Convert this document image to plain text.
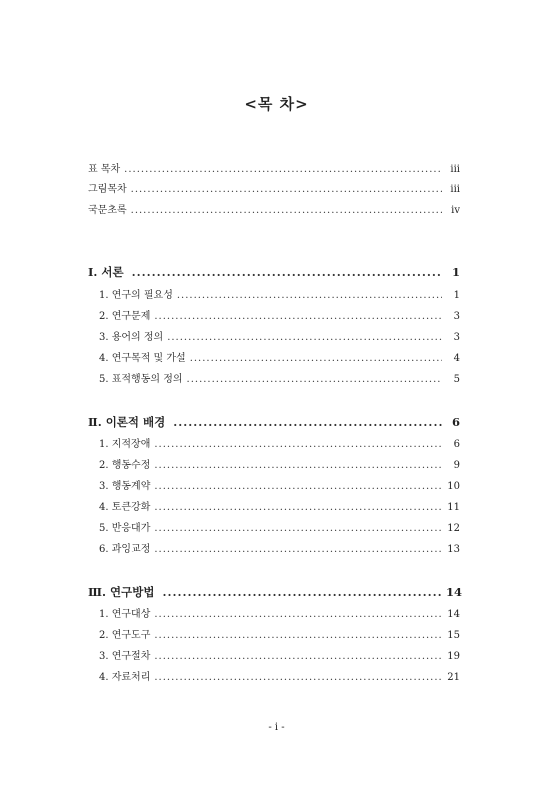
<목 차>
표 목차 .....	iii
그림목차 .....	iii
국문초록 .....	iv
Ⅰ. 서론 .....	1
1. 연구의 필요성 .....	1
2. 연구문제 .....	3
3. 용어의 정의 .....	3
4. 연구목적 및 가설 .....	4
5. 표적행동의 정의 .....	5
Ⅱ. 이론적 배경 .....	6
1. 지적장애 .....	6
2. 행동수정 .....	9
3. 행동계약 .....	10
4. 토큰강화 .....	11
5. 반응대가 .....	12
6. 과잉교정 .....	13
Ⅲ. 연구방법 .....	14
1. 연구대상 .....	14
2. 연구도구 .....	15
3. 연구절차 .....	19
4. 자료처리 .....	21
- i -
